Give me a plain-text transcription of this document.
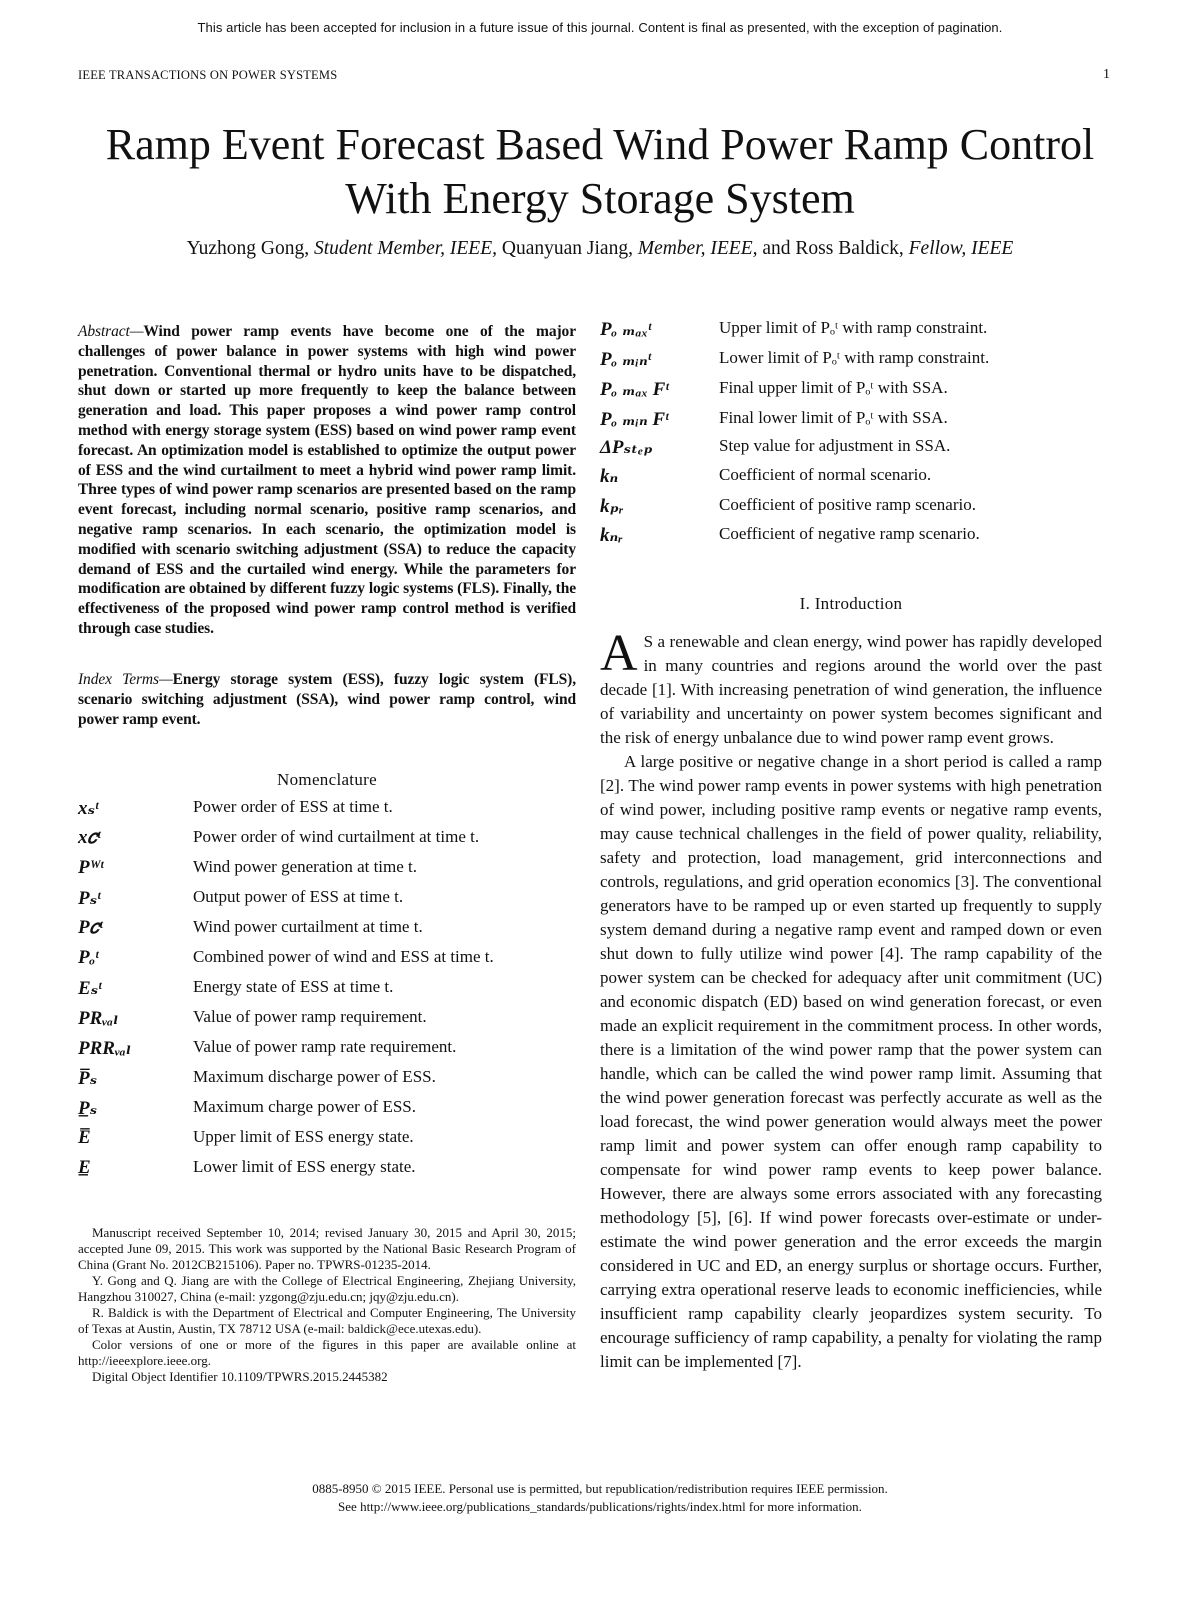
This article has been accepted for inclusion in a future issue of this journal. Content is final as presented, with the exception of pagination.
IEEE TRANSACTIONS ON POWER SYSTEMS	1
Ramp Event Forecast Based Wind Power Ramp Control With Energy Storage System
Yuzhong Gong, Student Member, IEEE, Quanyuan Jiang, Member, IEEE, and Ross Baldick, Fellow, IEEE
Abstract—Wind power ramp events have become one of the major challenges of power balance in power systems with high wind power penetration. Conventional thermal or hydro units have to be dispatched, shut down or started up more frequently to keep the balance between generation and load. This paper proposes a wind power ramp control method with energy storage system (ESS) based on wind power ramp event forecast. An optimization model is established to optimize the output power of ESS and the wind curtailment to meet a hybrid wind power ramp limit. Three types of wind power ramp scenarios are presented based on the ramp event forecast, including normal scenario, positive ramp scenarios, and negative ramp scenarios. In each scenario, the optimization model is modified with scenario switching adjustment (SSA) to reduce the capacity demand of ESS and the curtailed wind energy. While the parameters for modification are obtained by different fuzzy logic systems (FLS). Finally, the effectiveness of the proposed wind power ramp control method is verified through case studies.
Index Terms—Energy storage system (ESS), fuzzy logic system (FLS), scenario switching adjustment (SSA), wind power ramp control, wind power ramp event.
Nomenclature
xₛᵗ	Power order of ESS at time t.
x𝑐ᵗ	Power order of wind curtailment at time t.
Pᵂᵗ	Wind power generation at time t.
Pₛᵗ	Output power of ESS at time t.
P𝑐ᵗ	Wind power curtailment at time t.
Pₒᵗ	Combined power of wind and ESS at time t.
Eₛᵗ	Energy state of ESS at time t.
PRᵥₐₗ	Value of power ramp requirement.
PRRᵥₐₗ	Value of power ramp rate requirement.
P̅ₛ	Maximum discharge power of ESS.
P̲ₛ	Maximum charge power of ESS.
E̅	Upper limit of ESS energy state.
E̲	Lower limit of ESS energy state.

Manuscript received September 10, 2014; revised January 30, 2015 and April 30, 2015; accepted June 09, 2015. This work was supported by the National Basic Research Program of China (Grant No. 2012CB215106). Paper no. TPWRS-01235-2014.

Y. Gong and Q. Jiang are with the College of Electrical Engineering, Zhejiang University, Hangzhou 310027, China (e-mail: yzgong@zju.edu.cn; jqy@zju.edu.cn).

R. Baldick is with the Department of Electrical and Computer Engineering, The University of Texas at Austin, Austin, TX 78712 USA (e-mail: baldick@ece.utexas.edu).

Color versions of one or more of the figures in this paper are available online at http://ieeexplore.ieee.org.

Digital Object Identifier 10.1109/TPWRS.2015.2445382

Pₒ ₘₐₓᵗ	Upper limit of Pₒᵗ with ramp constraint.
Pₒ ₘᵢₙᵗ	Lower limit of Pₒᵗ with ramp constraint.
Pₒ ₘₐₓ Fᵗ	Final upper limit of Pₒᵗ with SSA.
Pₒ ₘᵢₙ Fᵗ	Final lower limit of Pₒᵗ with SSA.
ΔPₛₜₑₚ	Step value for adjustment in SSA.
kₙ	Coefficient of normal scenario.
kₚᵣ	Coefficient of positive ramp scenario.
kₙᵣ	Coefficient of negative ramp scenario.
I. Introduction

A S a renewable and clean energy, wind power has rapidly developed in many countries and regions around the world over the past decade [1]. With increasing penetration of wind generation, the influence of variability and uncertainty on power system becomes significant and the risk of energy unbalance due to wind power ramp event grows.

A large positive or negative change in a short period is called a ramp [2]. The wind power ramp events in power systems with high penetration of wind power, including positive ramp events or negative ramp events, may cause technical challenges in the field of power quality, reliability, safety and protection, load management, grid interconnections and controls, regulations, and grid operation economics [3]. The conventional generators have to be ramped up or even started up frequently to supply system demand during a negative ramp event and ramped down or even shut down to fully utilize wind power [4]. The ramp capability of the power system can be checked for adequacy after unit commitment (UC) and economic dispatch (ED) based on wind generation forecast, or even made an explicit requirement in the commitment process. In other words, there is a limitation of the wind power ramp that the power system can handle, which can be called the wind power ramp limit. Assuming that the wind power generation forecast was perfectly accurate as well as the load forecast, the wind power generation would always meet the power ramp limit and power system can offer enough ramp capability to compensate for wind power ramp events to keep power balance. However, there are always some errors associated with any forecasting methodology [5], [6]. If wind power forecasts over-estimate or under-estimate the wind power generation and the error exceeds the margin considered in UC and ED, an energy surplus or shortage occurs. Further, carrying extra operational reserve leads to economic inefficiencies, while insufficient ramp capability clearly jeopardizes system security. To encourage sufficiency of ramp capability, a penalty for violating the ramp limit can be implemented [7].

0885-8950 © 2015 IEEE. Personal use is permitted, but republication/redistribution requires IEEE permission.
See http://www.ieee.org/publications_standards/publications/rights/index.html for more information.
